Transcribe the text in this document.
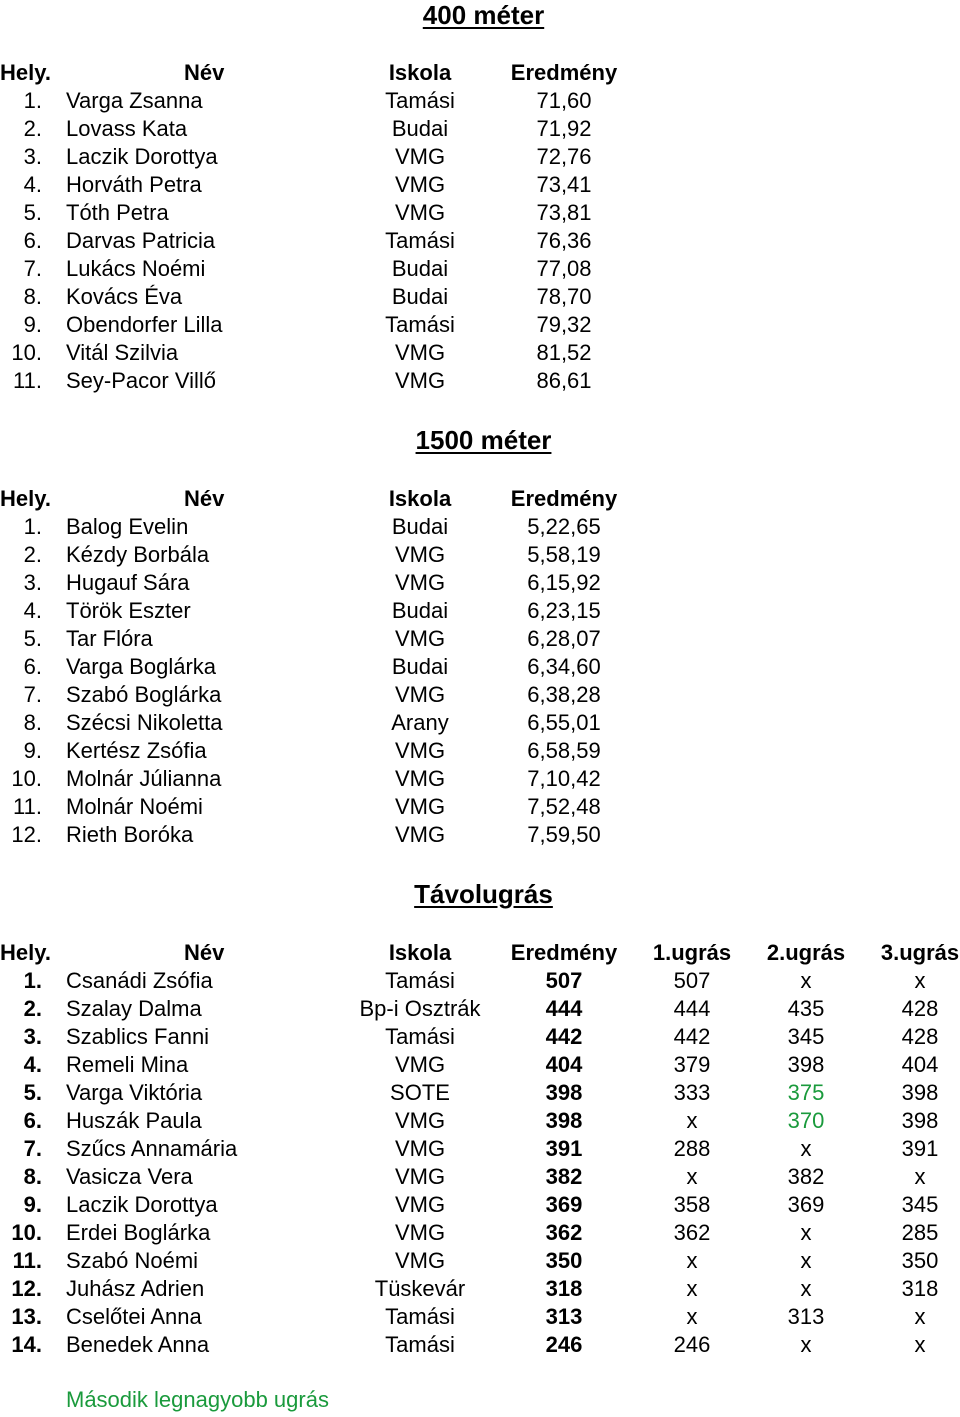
400 méter
Hely.	Név	Iskola	Eredmény
1. Varga Zsanna	Tamási	71,60
2. Lovass Kata	Budai	71,92
3. Laczik Dorottya	VMG	72,76
4. Horváth Petra	VMG	73,41
5. Tóth Petra	VMG	73,81
6. Darvas Patricia	Tamási	76,36
7. Lukács Noémi	Budai	77,08
8. Kovács Éva	Budai	78,70
9. Obendorfer Lilla	Tamási	79,32
10. Vitál Szilvia	VMG	81,52
11. Sey-Pacor Villő	VMG	86,61
1500 méter
Hely.	Név	Iskola	Eredmény
1. Balog Evelin	Budai	5,22,65
2. Kézdy Borbála	VMG	5,58,19
3. Hugauf Sára	VMG	6,15,92
4. Török Eszter	Budai	6,23,15
5. Tar Flóra	VMG	6,28,07
6. Varga Boglárka	Budai	6,34,60
7. Szabó Boglárka	VMG	6,38,28
8. Szécsi Nikoletta	Arany	6,55,01
9. Kertész Zsófia	VMG	6,58,59
10. Molnár Júlianna	VMG	7,10,42
11. Molnár Noémi	VMG	7,52,48
12. Rieth Boróka	VMG	7,59,50
Távolugrás
Hely.	Név	Iskola	Eredmény	1.ugrás	2.ugrás	3.ugrás
1. Csanádi Zsófia	Tamási	507	507	x	x
2. Szalay Dalma	Bp-i Osztrák	444	444	435	428
3. Szablics Fanni	Tamási	442	442	345	428
4. Remeli Mina	VMG	404	379	398	404
5. Varga Viktória	SOTE	398	333	375	398
6. Huszák Paula	VMG	398	x	370	398
7. Szűcs Annamária	VMG	391	288	x	391
8. Vasicza Vera	VMG	382	x	382	x
9. Laczik Dorottya	VMG	369	358	369	345
10. Erdei Boglárka	VMG	362	362	x	285
11. Szabó Noémi	VMG	350	x	x	350
12. Juhász Adrien	Tüskevár	318	x	x	318
13. Cselőtei Anna	Tamási	313	x	313	x
14. Benedek Anna	Tamási	246	246	x	x
Második legnagyobb ugrás
